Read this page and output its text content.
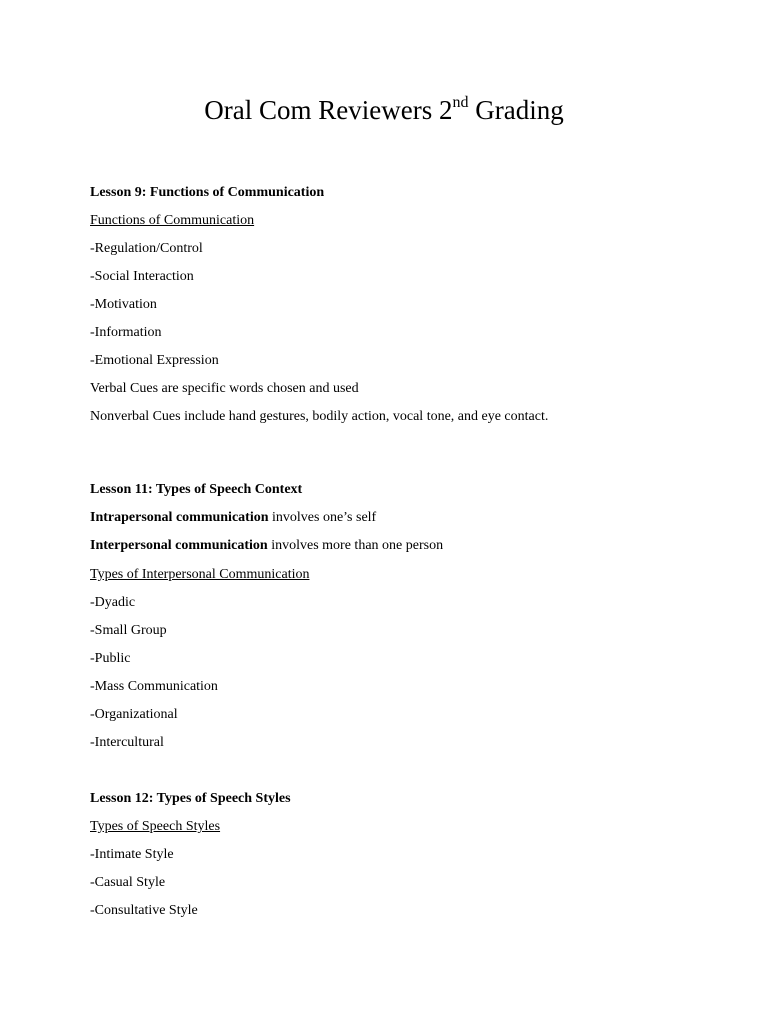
Oral Com Reviewers 2nd Grading
Lesson 9: Functions of Communication
Functions of Communication
-Regulation/Control
-Social Interaction
-Motivation
-Information
-Emotional Expression
Verbal Cues are specific words chosen and used
Nonverbal Cues include hand gestures, bodily action, vocal tone, and eye contact.
Lesson 11: Types of Speech Context
Intrapersonal communication involves one’s self
Interpersonal communication involves more than one person
Types of Interpersonal Communication
-Dyadic
-Small Group
-Public
-Mass Communication
-Organizational
-Intercultural
Lesson 12: Types of Speech Styles
Types of Speech Styles
-Intimate Style
-Casual Style
-Consultative Style
